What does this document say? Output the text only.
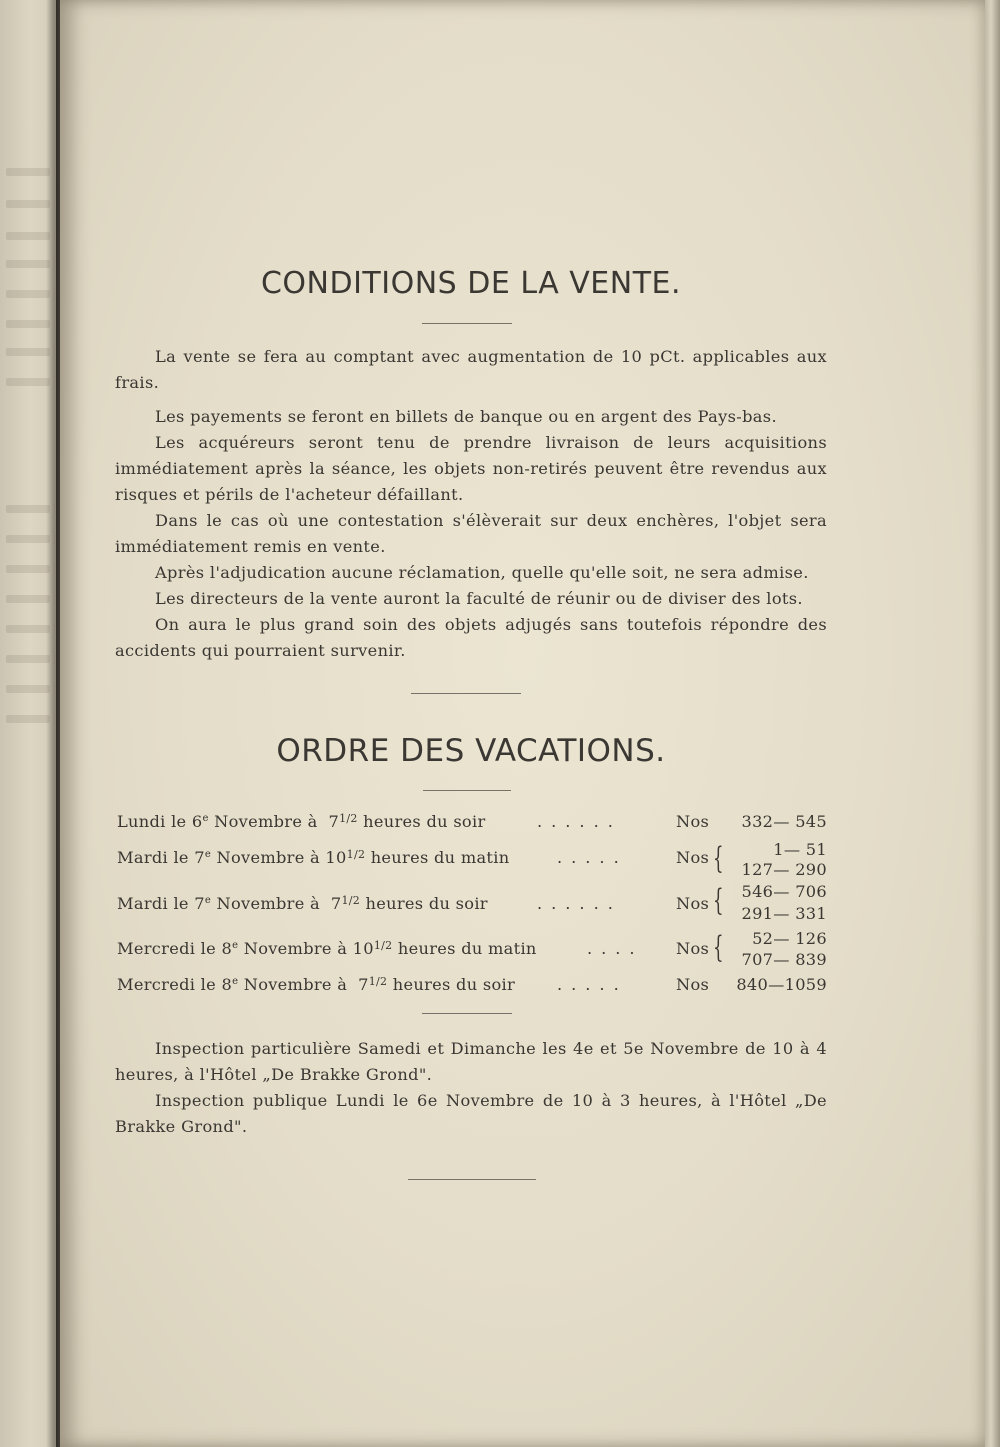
CONDITIONS DE LA VENTE.

La vente se fera au comptant avec augmentation de 10 pCt. applicables aux frais.

Les payements se feront en billets de banque ou en argent des Pays-bas.

Les acquéreurs seront tenu de prendre livraison de leurs acquisitions immédiatement après la séance, les objets non-retirés peuvent être revendus aux risques et périls de l'acheteur défaillant.

Dans le cas où une contestation s'élèverait sur deux enchères, l'objet sera immédiatement remis en vente.

Après l'adjudication aucune réclamation, quelle qu'elle soit, ne sera admise.

Les directeurs de la vente auront la faculté de réunir ou de diviser des lots.

On aura le plus grand soin des objets adjugés sans toutefois répondre des accidents qui pourraient survenir.

ORDRE DES VACATIONS.
Lundi le 6e Novembre à  $7^{1/2}$ heures du soir	......	Nos 332— 545
Mardi le 7e Novembre à $10^{1/2}$ heures du matin	.....	Nos {	1— 51
127— 290
Mardi le 7e Novembre à  $7^{1/2}$ heures du soir	......	Nos { 546— 706
291— 331
Mercredi le 8e Novembre à $10^{1/2}$ heures du matin	.... Nos { 52— 126
707— 839
Mercredi le 8e Novembre à  $7^{1/2}$ heures du soir	.....	Nos 840—1059

Inspection particulière Samedi et Dimanche les 4e et 5e Novembre de 10 à 4 heures, à l'Hôtel „De Brakke Grond".

Inspection publique Lundi le 6e Novembre de 10 à 3 heures, à l'Hôtel „De Brakke Grond".
